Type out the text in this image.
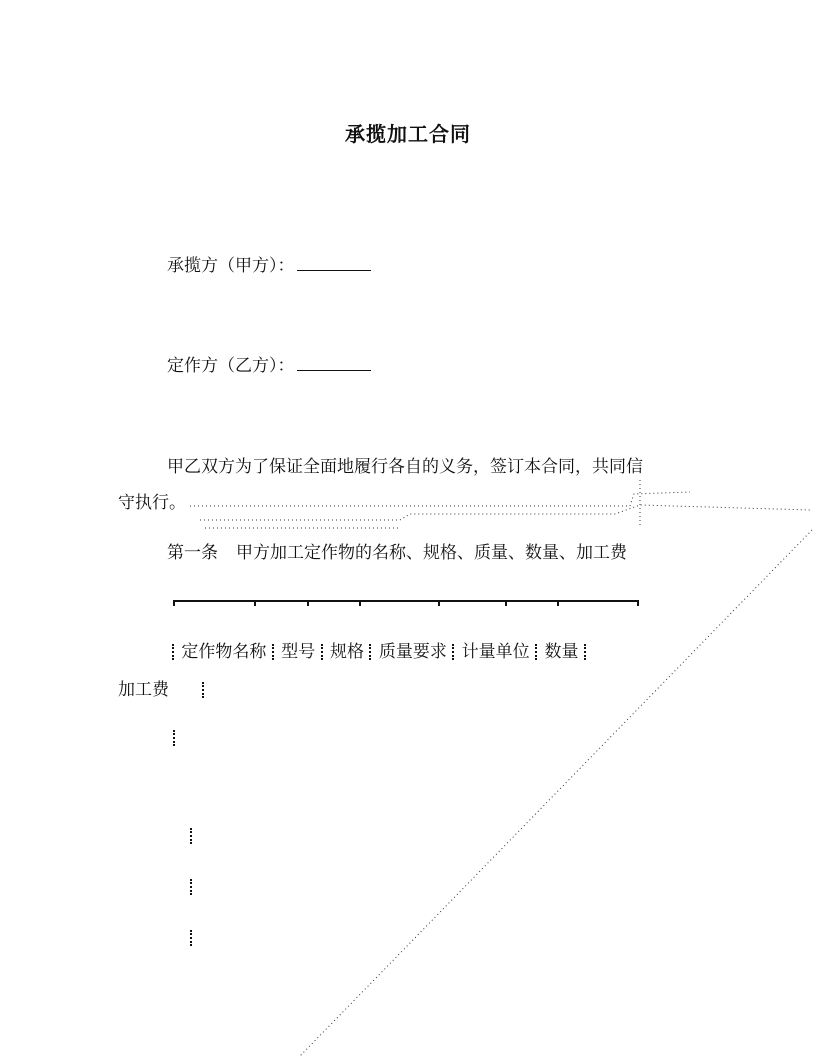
承揽加工合同
承揽方（甲方）：
定作方（乙方）：
甲乙双方为了保证全面地履行各自的义务，签订本合同，共同信
守执行。
第一条 甲方加工定作物的名称、规格、质量、数量、加工费
定作物名称 型号 规格 质量要求 计量单位 数量
加工费
